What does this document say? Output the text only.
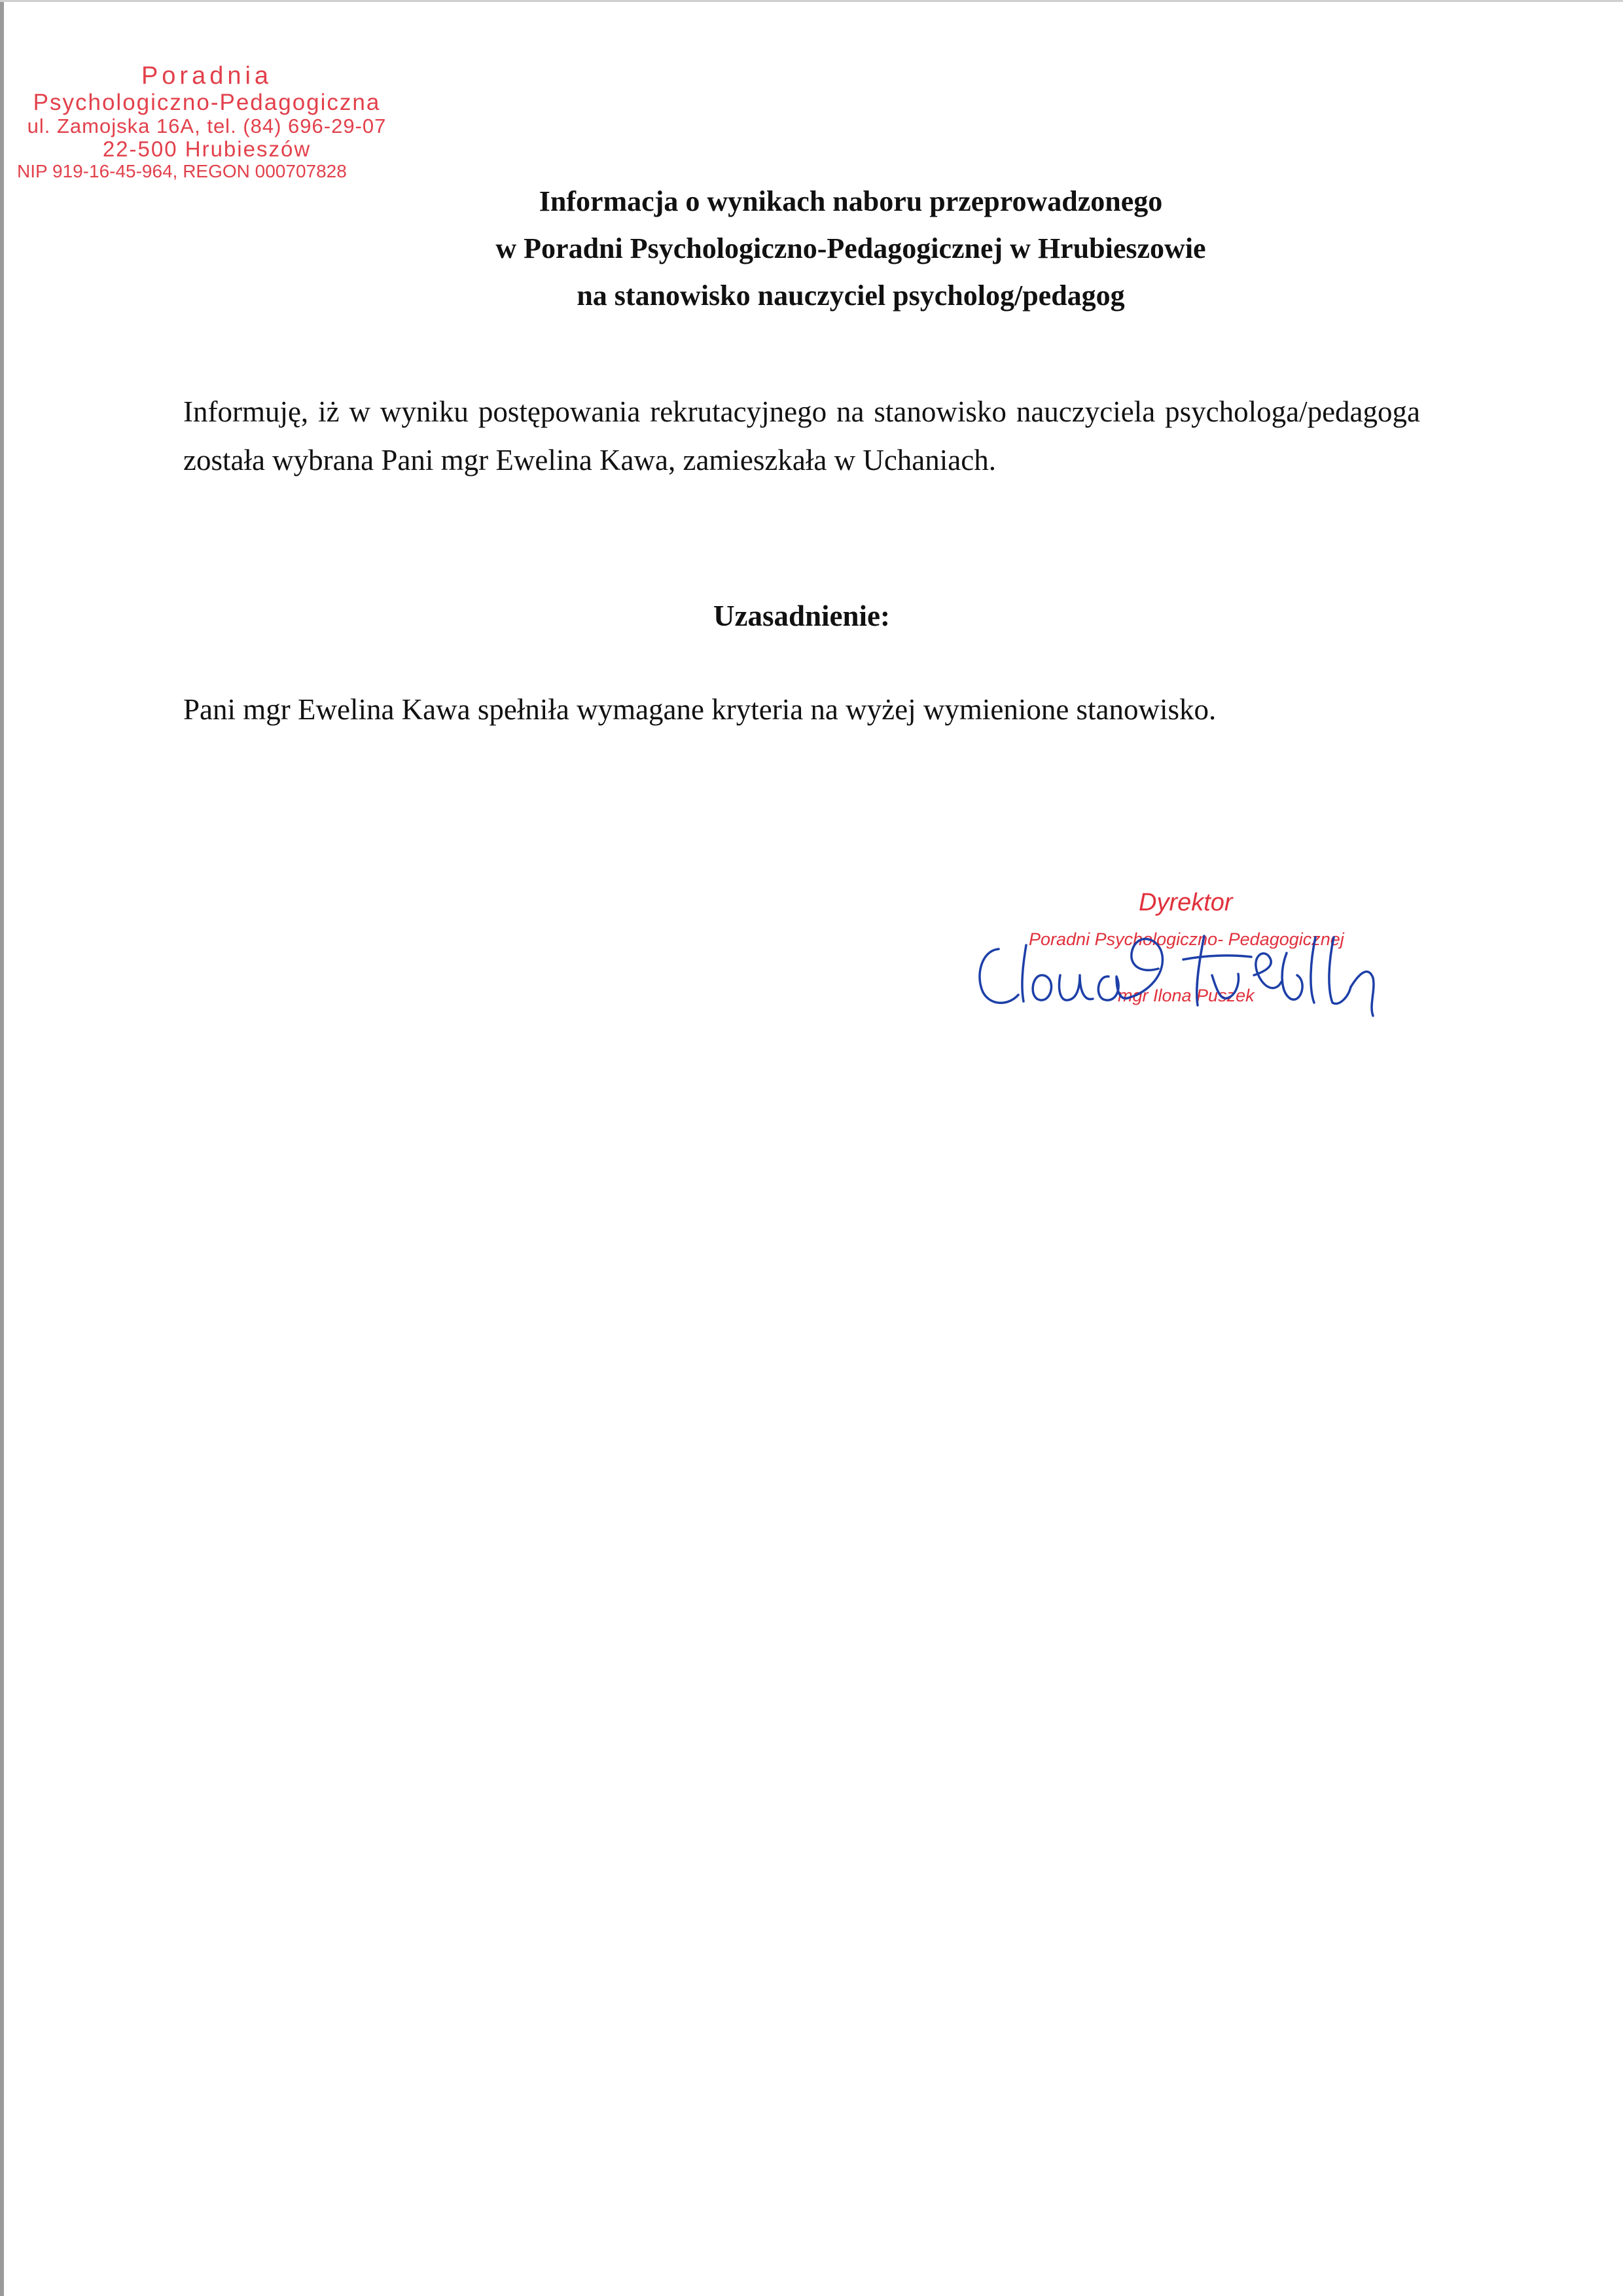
Poradnia
Psychologiczno-Pedagogiczna
ul. Zamojska 16A, tel. (84) 696-29-07
22-500 Hrubieszów
NIP 919-16-45-964, REGON 000707828
Informacja o wynikach naboru przeprowadzonego
w Poradni Psychologiczno-Pedagogicznej w Hrubieszowie
na stanowisko nauczyciel psycholog/pedagog
Informuję, iż w wyniku postępowania rekrutacyjnego na stanowisko nauczyciela psychologa/pedagoga została wybrana Pani mgr Ewelina Kawa, zamieszkała w Uchaniach.
Uzasadnienie:
Pani mgr Ewelina Kawa spełniła wymagane kryteria na wyżej wymienione stanowisko.
Dyrektor
Poradni Psychologiczno- Pedagogicznej
mgr Ilona Puszek
